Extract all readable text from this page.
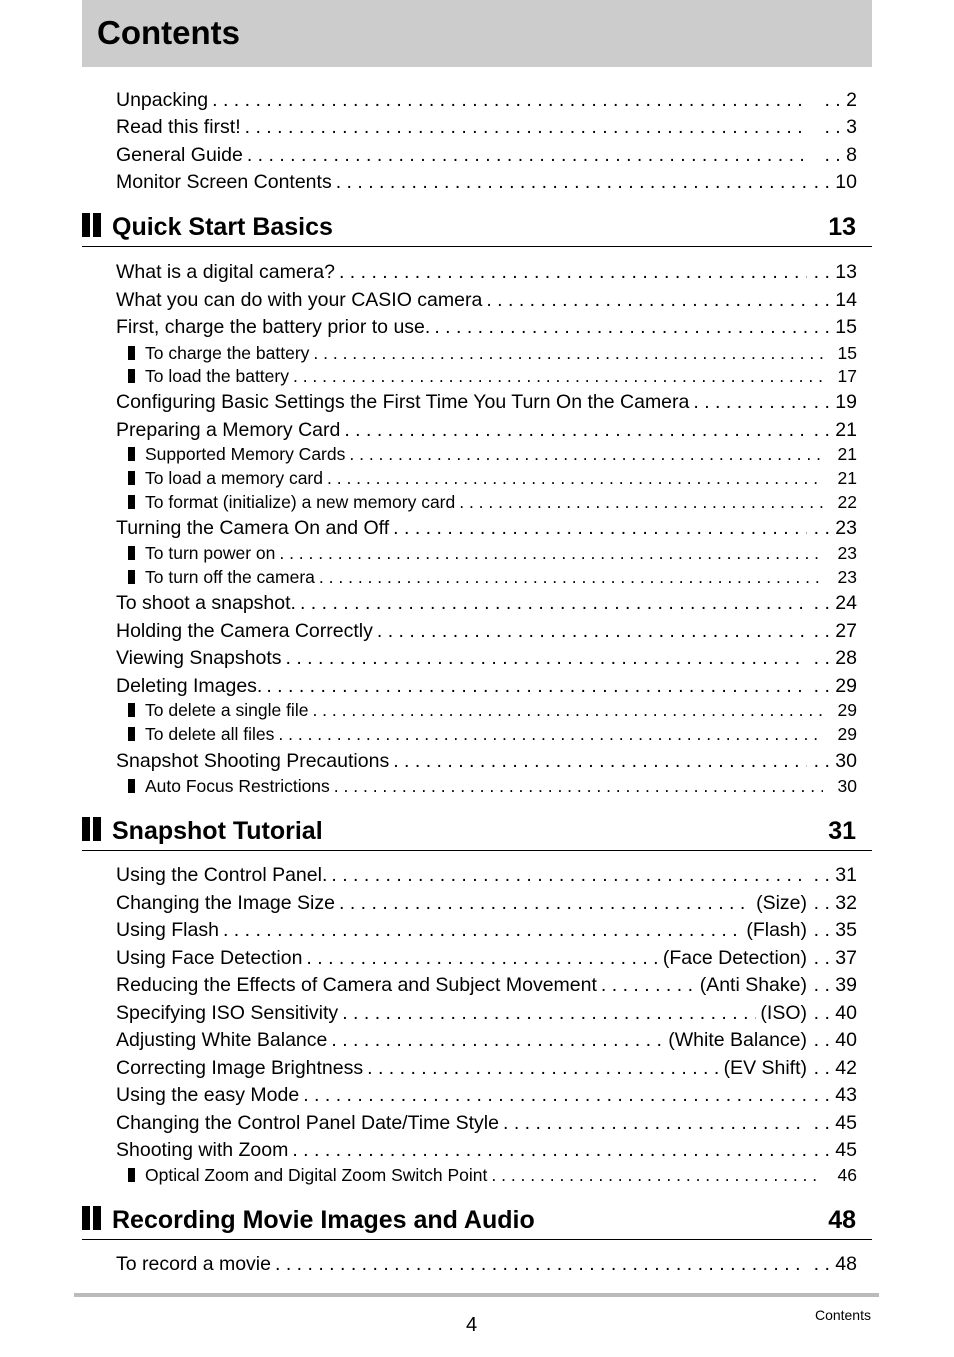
Contents
Unpacking . . .	. . 2
Read this first! . . .	. . 3
General Guide . . .	. . 8
Monitor Screen Contents . . .	. . 10
Quick Start Basics	13
What is a digital camera? . . .	. . 13
What you can do with your CASIO camera . . .	. . 14
First, charge the battery prior to use. . . .	. . 15
To charge the battery . . .	15
To load the battery . . .	17
Configuring Basic Settings the First Time You Turn On the Camera . . .	. . 19
Preparing a Memory Card . . .	. . 21
Supported Memory Cards . . .	21
To load a memory card . . .	21
To format (initialize) a new memory card . . .	22
Turning the Camera On and Off . . .	. . 23
To turn power on . . .	23
To turn off the camera . . .	23
To shoot a snapshot. . . .	. . 24
Holding the Camera Correctly . . .	. . 27
Viewing Snapshots . . .	. . 28
Deleting Images. . . .	. . 29
To delete a single file . . .	29
To delete all files . . .	29
Snapshot Shooting Precautions . . .	. . 30
Auto Focus Restrictions . . .	30
Snapshot Tutorial	31
Using the Control Panel. . . .	. . 31
Changing the Image Size . . .	(Size)	. . 32
Using Flash . . .	(Flash)	. . 35
Using Face Detection . . .	(Face Detection)	. . 37
Reducing the Effects of Camera and Subject Movement . . .	(Anti Shake)	. . 39
Specifying ISO Sensitivity . . .	(ISO)	. . 40
Adjusting White Balance . . .	(White Balance)	. . 40
Correcting Image Brightness . . .	(EV Shift)	. . 42
Using the easy Mode . . .	. . 43
Changing the Control Panel Date/Time Style . . .	. . 45
Shooting with Zoom . . .	. . 45
Optical Zoom and Digital Zoom Switch Point . . .	46
Recording Movie Images and Audio	48
To record a movie . . .	. . 48
4	Contents
